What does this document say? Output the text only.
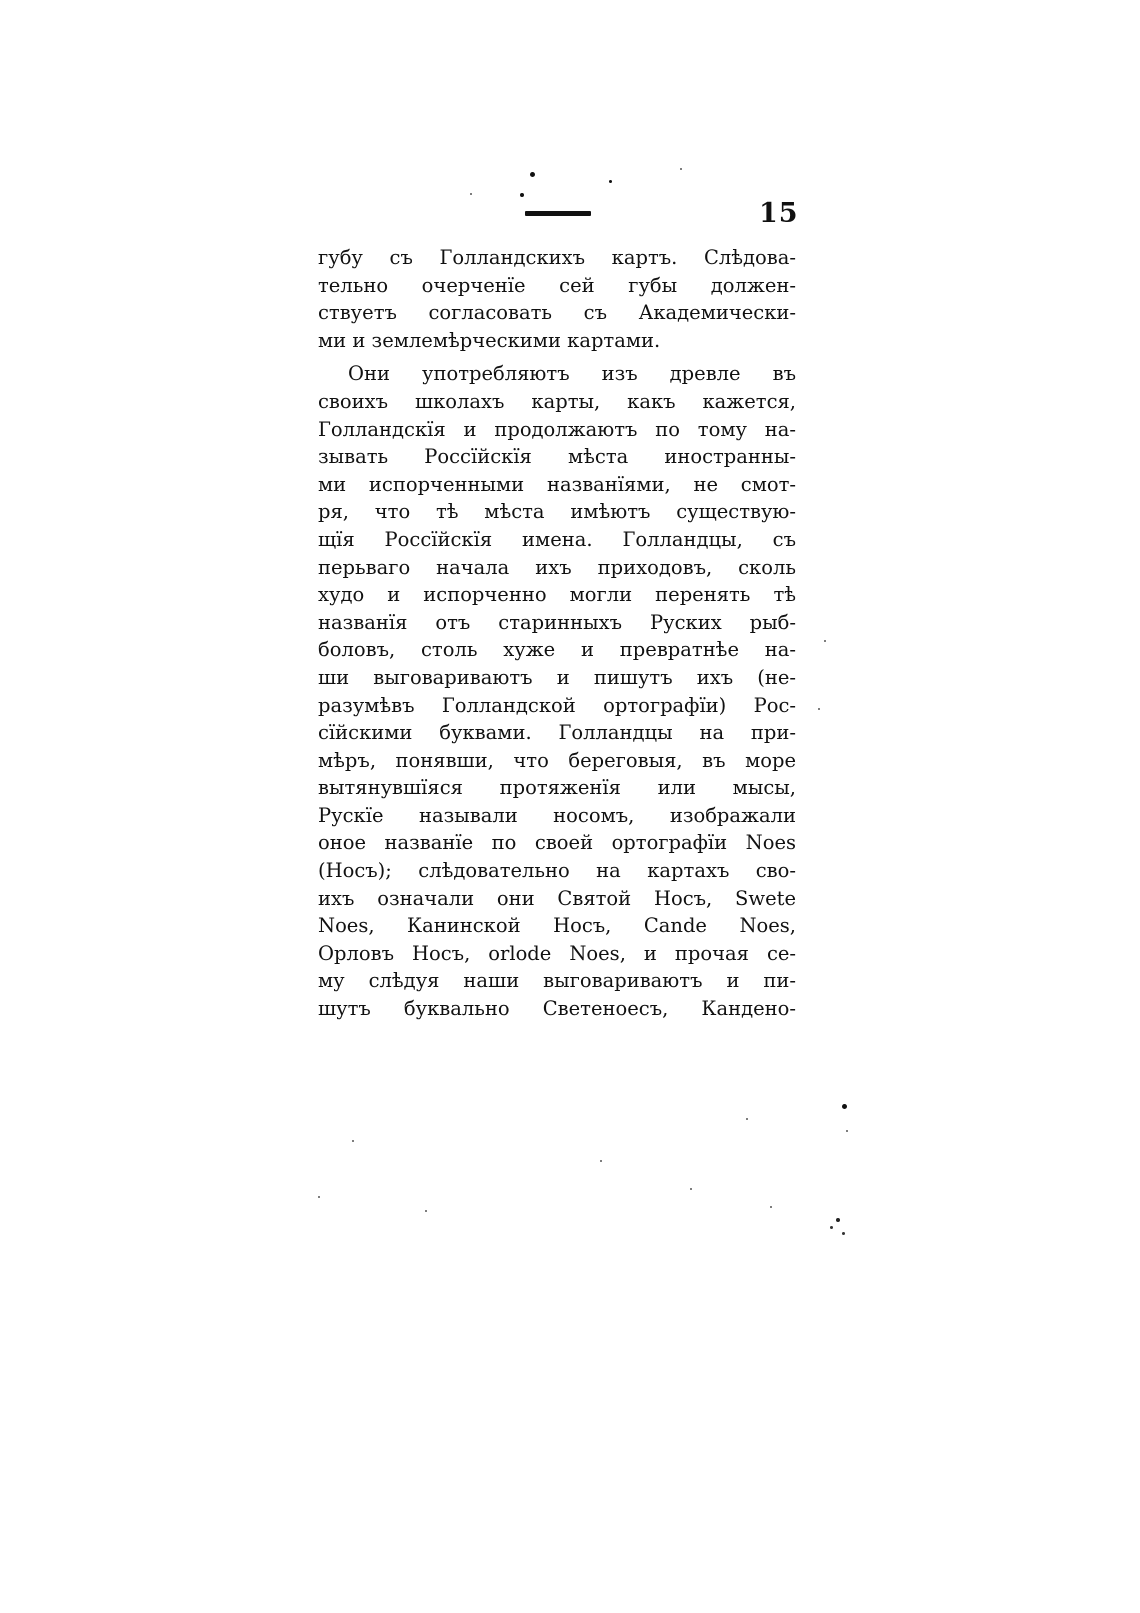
15
губу съ Голландскихъ картъ. Слѣдова-
тельно очерченїе сей губы должен-
ствуетъ согласовать съ Академически-
ми и землемѣрческими картами.
Они употребляютъ изъ древле въ
своихъ школахъ карты, какъ кажется,
Голландскїя и продолжаютъ по тому на-
зывать Россїйскїя мѣста иностранны-
ми испорченными названїями, не смот-
ря, что тѣ мѣста имѣютъ существую-
щїя Россїйскїя имена. Голландцы, съ
перьваго начала ихъ приходовъ, сколь
худо и испорченно могли перенять тѣ
названїя отъ старинныхъ Руских рыб-
боловъ, столь хуже и превратнѣе на-
ши выговариваютъ и пишутъ ихъ (не-
разумѣвъ Голландской ортографїи) Рос-
сїйскими буквами. Голландцы на при-
мѣръ, понявши, что береговыя, въ море
вытянувшїяся протяженїя или мысы,
Рускїе называли носомъ, изображали
оное названїе по своей ортографїи Noes
(Носъ); слѣдовательно на картахъ сво-
ихъ означали они Святой Носъ, Swete
Noes, Канинской Носъ, Cande Noes,
Орловъ Носъ, orlode Noes, и прочая се-
му слѣдуя наши выговариваютъ и пи-
шутъ буквально Светеноесъ, Кандено-
